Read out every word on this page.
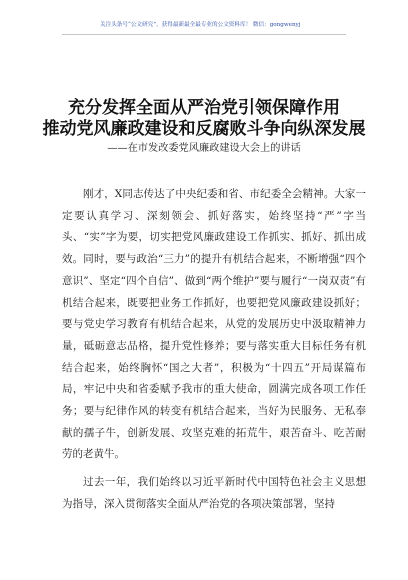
关注头条号“公文研究”，获得最新最全最专业的公文资料库！ 微信：gongwenyj
充分发挥全面从严治党引领保障作用
推动党风廉政建设和反腐败斗争向纵深发展
——在市发改委党风廉政建设大会上的讲话

刚才，X同志传达了中央纪委和省、市纪委全会精神。大家一定要认真学习、深刻领会、抓好落实，始终坚持“严”字当头、“实”字为要，切实把党风廉政建设工作抓实、抓好、抓出成效。同时，要与政治“三力”的提升有机结合起来，不断增强“四个意识”、坚定“四个自信”、做到“两个维护”要与履行“一岗双责”有机结合起来，既要把业务工作抓好，也要把党风廉政建设抓好；要与党史学习教育有机结合起来，从党的发展历史中汲取精神力量，砥砺意志品格，提升党性修养；要与落实重大目标任务有机结合起来，始终胸怀“国之大者”，积极为“十四五”开局谋篇布局，牢记中央和省委赋予我市的重大使命，圆满完成各项工作任务；要与纪律作风的转变有机结合起来，当好为民服务、无私奉献的孺子牛，创新发展、攻坚克难的拓荒牛，艰苦奋斗、吃苦耐劳的老黄牛。

过去一年，我们始终以习近平新时代中国特色社会主义思想为指导，深入贯彻落实全面从严治党的各项决策部署，坚持
